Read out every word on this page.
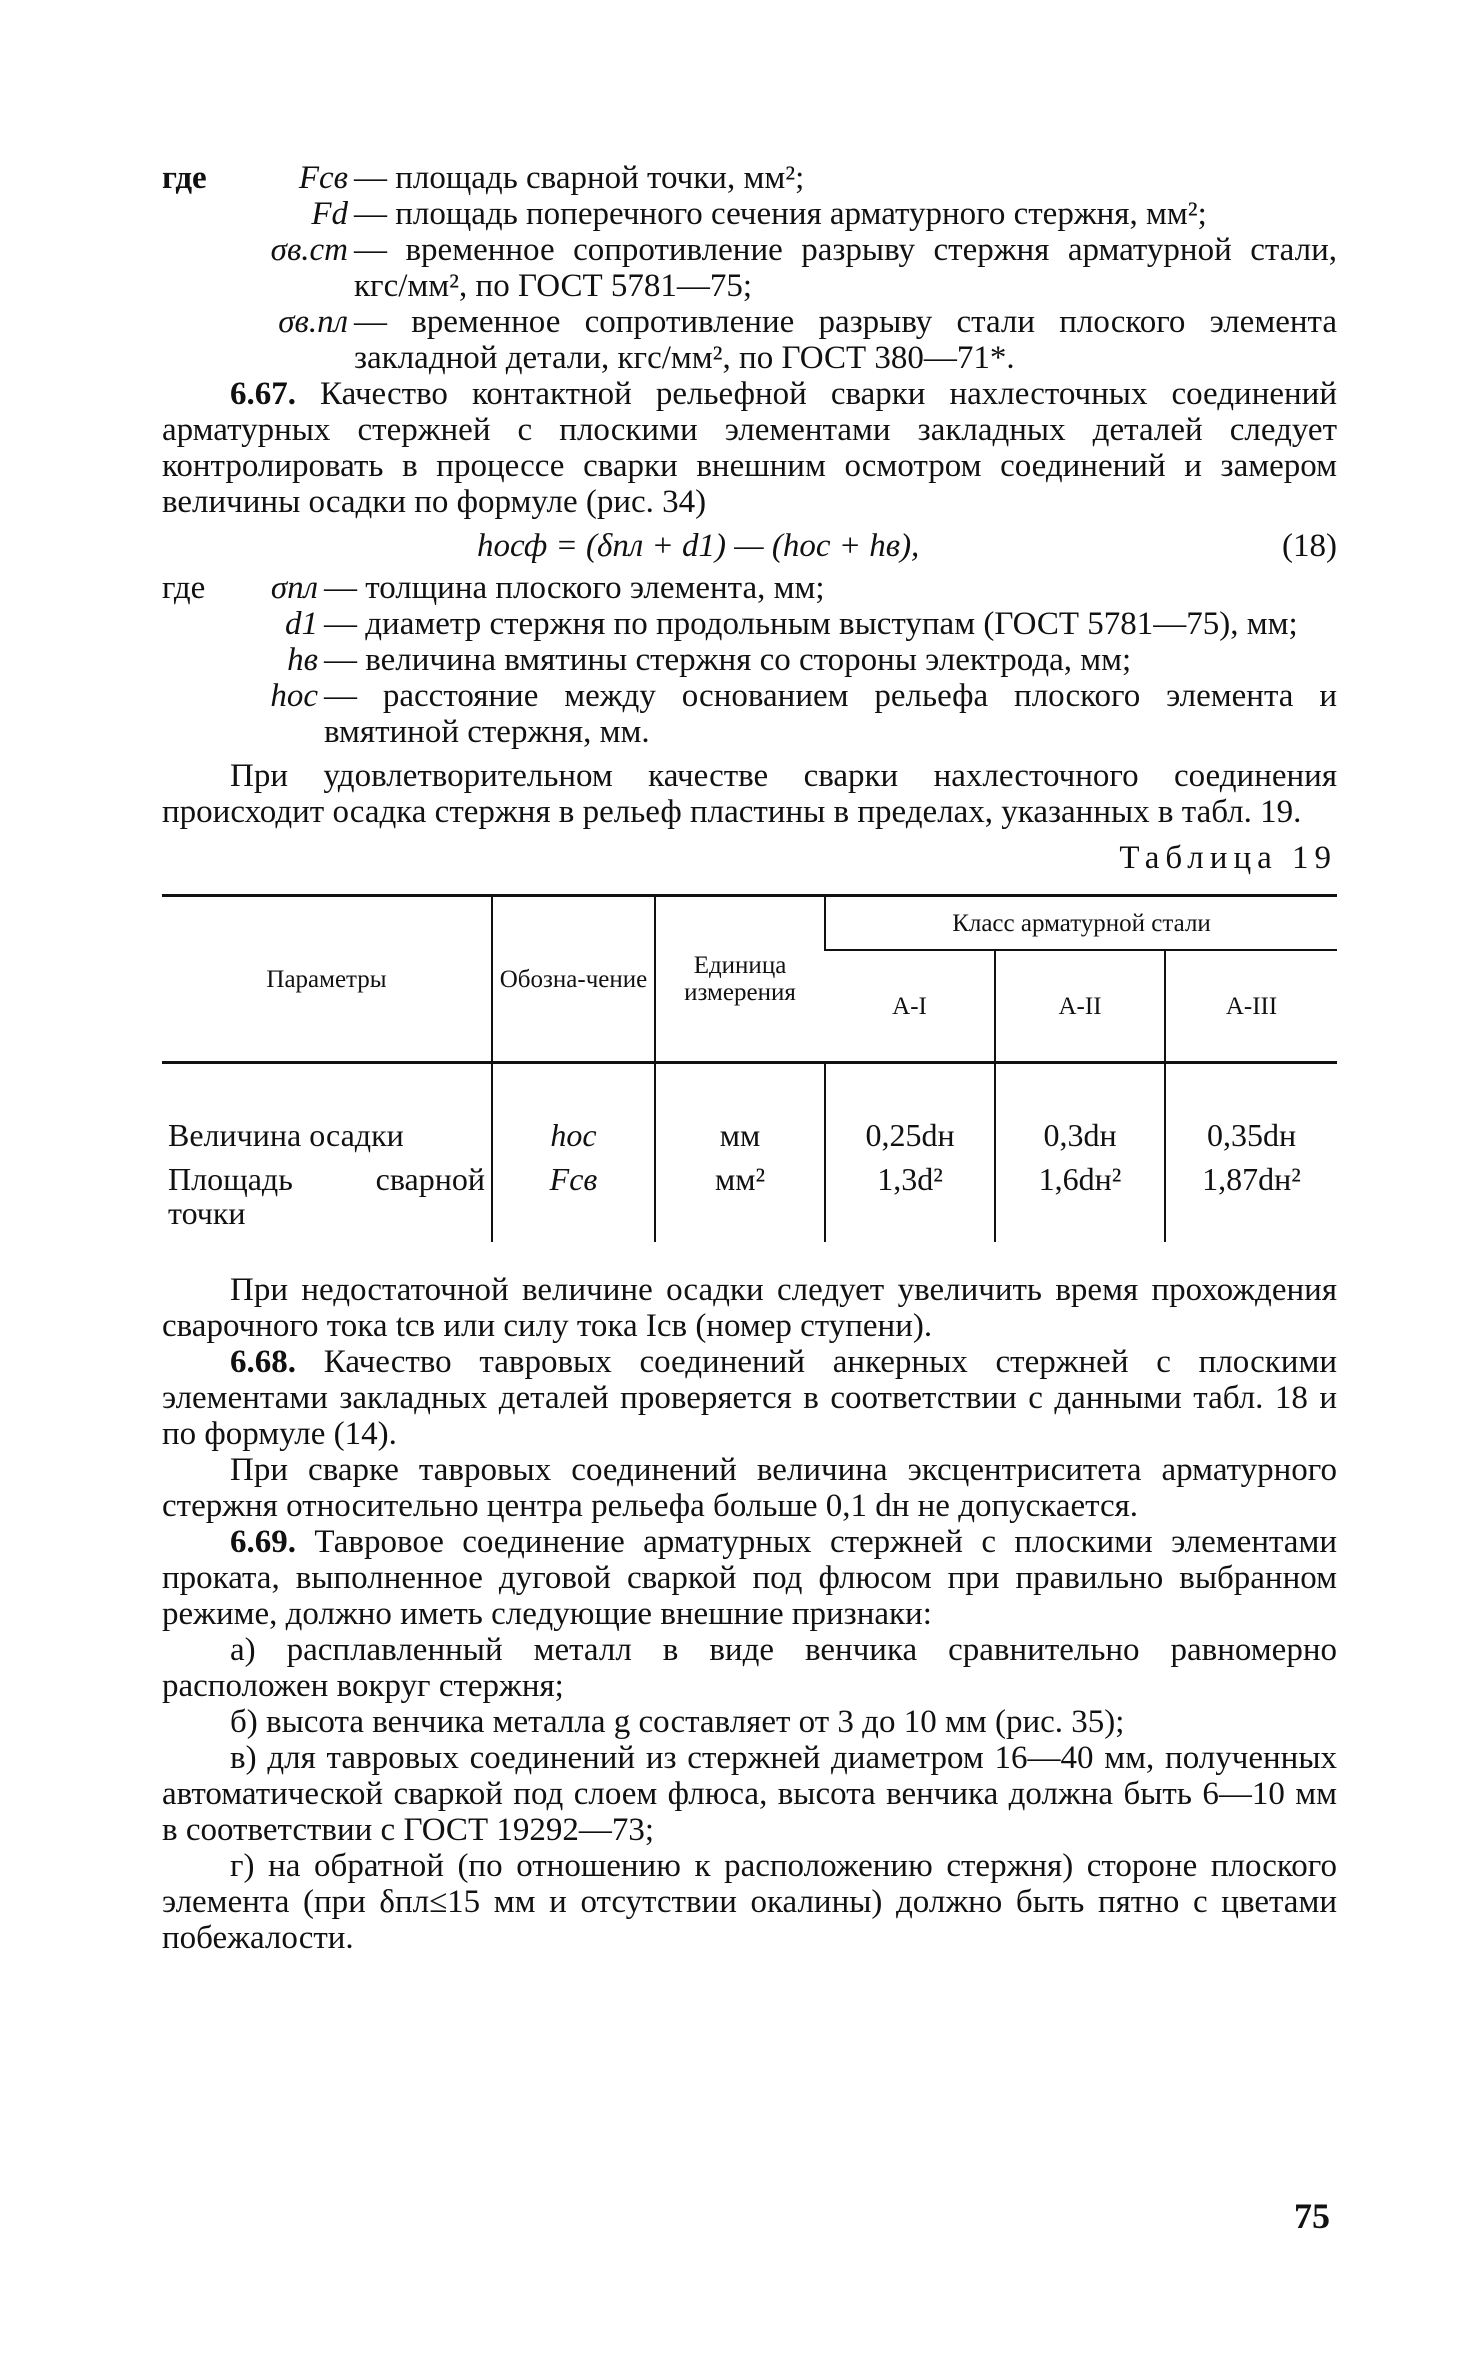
где	Fсв — площадь сварной точки, мм²;
Fd — площадь поперечного сечения арматурного стержня, мм²;
σв.ст — временное сопротивление разрыву стержня арматурной стали, кгс/мм², по ГОСТ 5781—75;
σв.пл — временное сопротивление разрыву стали плоского элемента закладной детали, кгс/мм², по ГОСТ 380—71*.

6.67. Качество контактной рельефной сварки нахлесточных соединений арматурных стержней с плоскими элементами закладных деталей следует контролировать в процессе сварки внешним осмотром соединений и замером величины осадки по формуле (рис. 34)

hосф = (δпл + d1) — (hос + hв),	(18)
где	σпл — толщина плоского элемента, мм;
d1 — диаметр стержня по продольным выступам (ГОСТ 5781—75), мм;
hв — величина вмятины стержня со стороны электрода, мм;
hос — расстояние между основанием рельефа плоского элемента и вмятиной стержня, мм.

При удовлетворительном качестве сварки нахлесточного соединения происходит осадка стержня в рельеф пластины в пределах, указанных в табл. 19.

Таблица 19
Параметры	Обозна-чение	Единица измерения	Класс арматурной стали		
			А-I	А-II	А-III
Величина осадки	hос	мм	0,25dн	0,3dн	0,35dн
Площадь сварной точки	Fсв	мм²	1,3d²	1,6dн²	1,87dн²

При недостаточной величине осадки следует увеличить время прохождения сварочного тока tсв или силу тока Iсв (номер ступени).

6.68. Качество тавровых соединений анкерных стержней с плоскими элементами закладных деталей проверяется в соответствии с данными табл. 18 и по формуле (14).

При сварке тавровых соединений величина эксцентриситета арматурного стержня относительно центра рельефа больше 0,1 dн не допускается.

6.69. Тавровое соединение арматурных стержней с плоскими элементами проката, выполненное дуговой сваркой под флюсом при правильно выбранном режиме, должно иметь следующие внешние признаки:

а) расплавленный металл в виде венчика сравнительно равномерно расположен вокруг стержня;

б) высота венчика металла g составляет от 3 до 10 мм (рис. 35);

в) для тавровых соединений из стержней диаметром 16—40 мм, полученных автоматической сваркой под слоем флюса, высота венчика должна быть 6—10 мм в соответствии с ГОСТ 19292—73;

г) на обратной (по отношению к расположению стержня) стороне плоского элемента (при δпл≤15 мм и отсутствии окалины) должно быть пятно с цветами побежалости.

75
